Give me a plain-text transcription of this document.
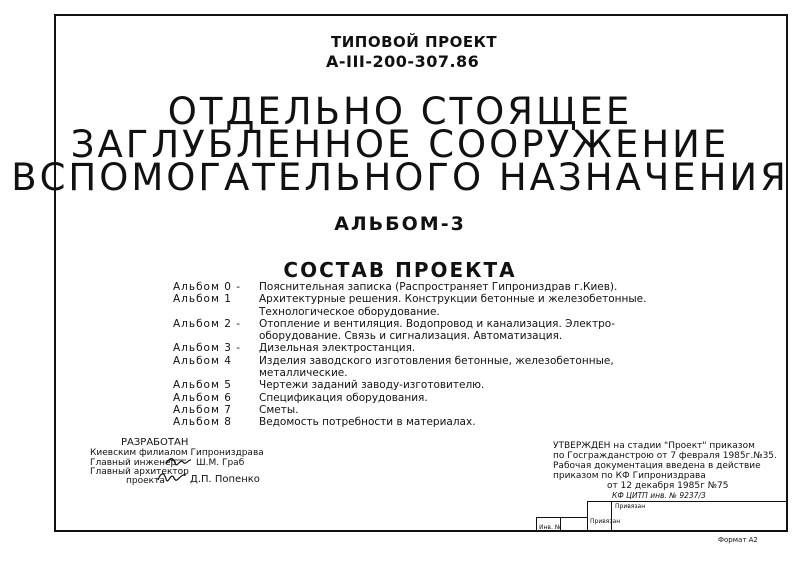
ТИПОВОЙ ПРОЕКТ
А-III-200-307.86
ОТДЕЛЬНО СТОЯЩЕЕ
ЗАГЛУБЛЕННОЕ СООРУЖЕНИЕ
ВСПОМОГАТЕЛЬНОГО НАЗНАЧЕНИЯ
АЛЬБОМ-3
СОСТАВ ПРОЕКТА
Альбом 0 -	Пояснительная записка (Распространяет Гипрониздрав г.Киев).
Альбом 1	Архитектурные решения. Конструкции бетонные и железобетонные.
Технологическое оборудование.
Альбом 2 -	Отопление и вентиляция. Водопровод и канализация. Электро-
оборудование. Связь и сигнализация. Автоматизация.
Альбом 3 -	Дизельная электростанция.
Альбом 4	Изделия заводского изготовления бетонные, железобетонные,
металлические.
Альбом 5	Чертежи заданий заводу-изготовителю.
Альбом 6	Спецификация оборудования.
Альбом 7	Сметы.
Альбом 8	Ведомость потребности в материалах.
РАЗРАБОТАН
Киевским филиалом Гипрониздрава
Главный инженер Ш.М. Граб
Главный архитектор
проекта	Д.П. Попенко
УТВЕРЖДЕН на стадии "Проект" приказом
по Госгражданстрою от 7 февраля 1985г.№35.
Рабочая документация введена в действие
приказом по КФ Гипрониздрава
от 12 декабря 1985г №75
КФ ЦИТП инв. № 9237/3
Привязан
Привязан
Инв. №
Формат А2
